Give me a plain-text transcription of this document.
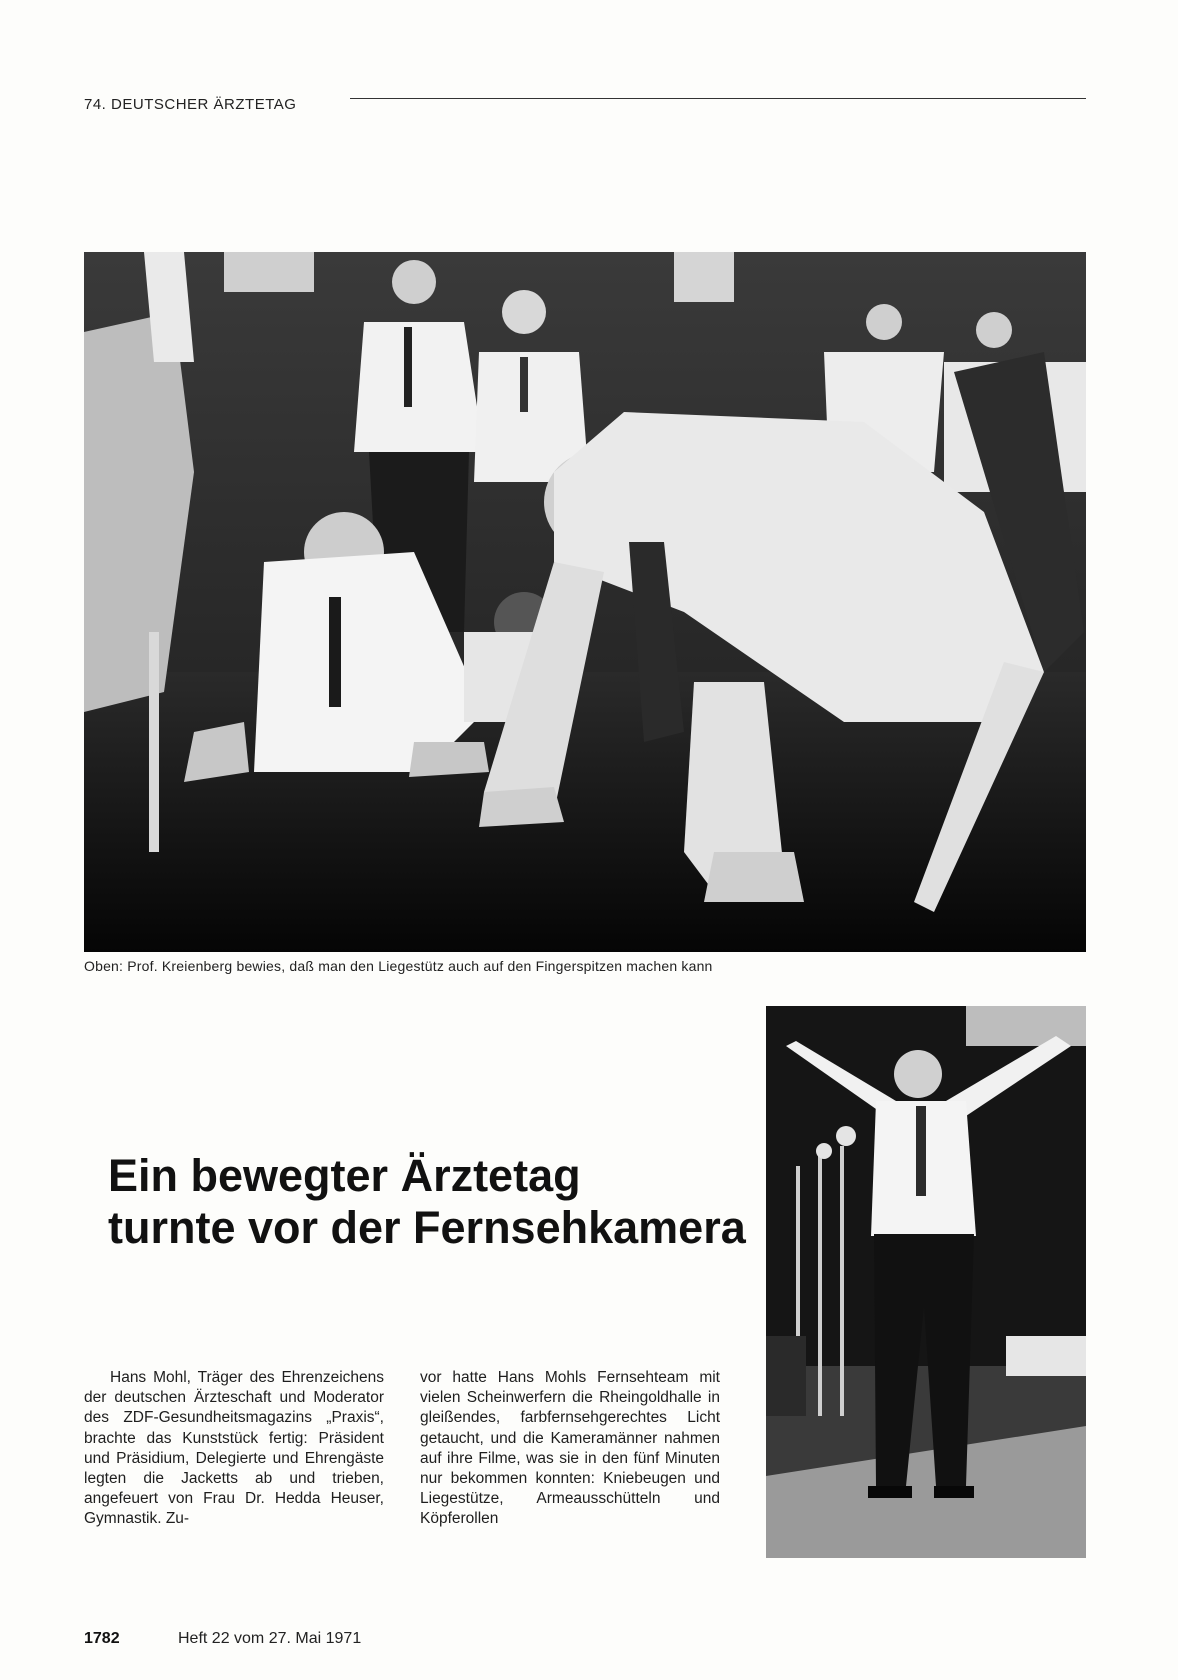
74. DEUTSCHER ÄRZTETAG
Oben: Prof. Kreienberg bewies, daß man den Liegestütz auch auf den Fingerspitzen machen kann
Ein bewegter Ärztetag
turnte vor der Fernsehkamera

Hans Mohl, Träger des Ehrenzeichens der deutschen Ärzteschaft und Moderator des ZDF-Gesundheitsmagazins „Praxis“, brachte das Kunststück fertig: Präsident und Präsidium, Delegierte und Ehrengäste legten die Jacketts ab und trieben, angefeuert von Frau Dr. Hedda Heuser, Gymnastik. Zu-

vor hatte Hans Mohls Fernsehteam mit vielen Scheinwerfern die Rheingoldhalle in gleißendes, farbfernsehgerechtes Licht getaucht, und die Kameramänner nahmen auf ihre Filme, was sie in den fünf Minuten nur bekommen konnten: Kniebeugen und Liegestütze, Armeausschütteln und Köpferollen

1782	Heft 22 vom 27. Mai 1971
